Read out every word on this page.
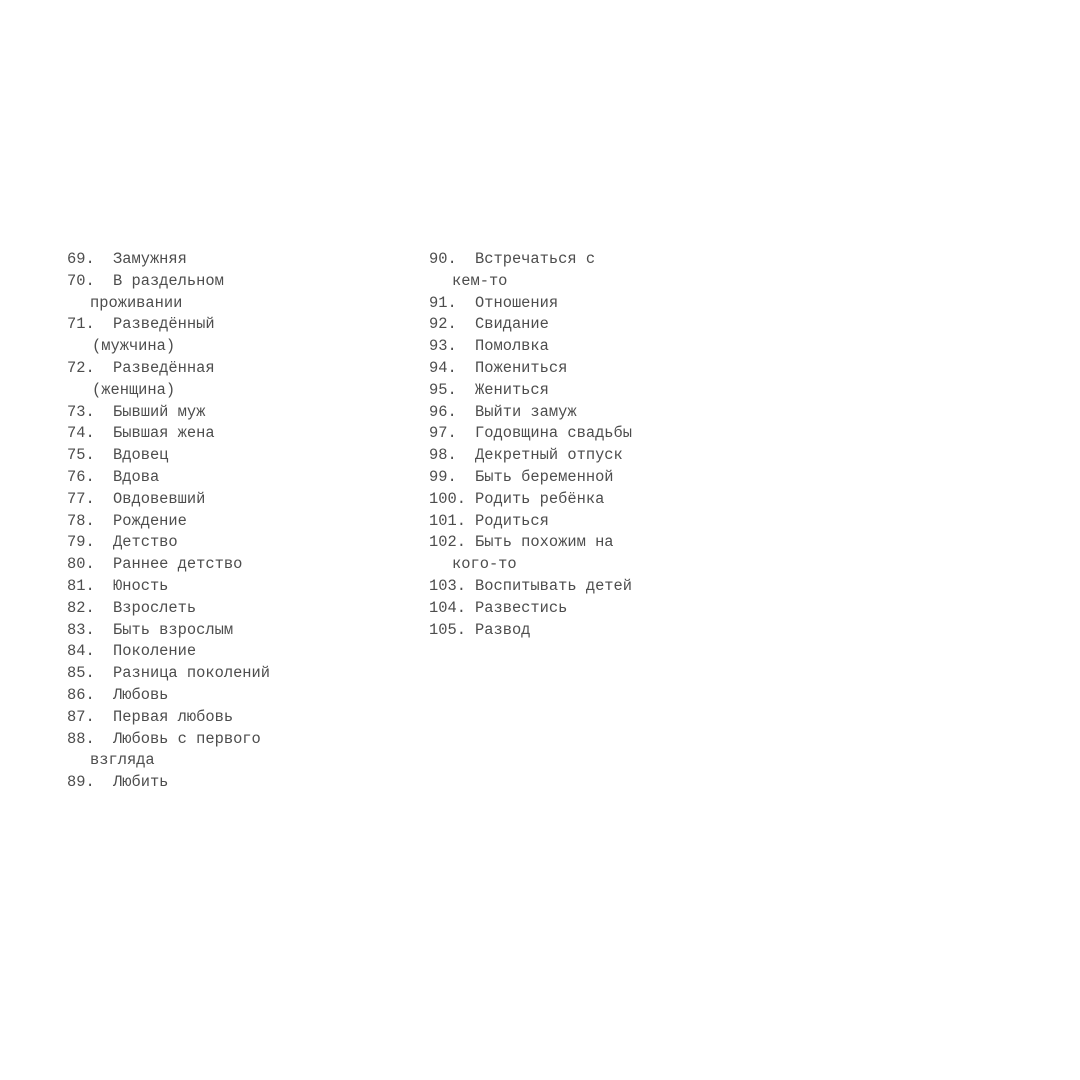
69.	Замужняя
70.	В раздельном
проживании
71.	Разведённый
(мужчина)
72.	Разведённая
(женщина)
73.	Бывший муж
74.	Бывшая жена
75.	Вдовец
76.	Вдова
77.	Овдовевший
78.	Рождение
79.	Детство
80.	Раннее детство
81.	Юность
82.	Взрослеть
83.	Быть взрослым
84.	Поколение
85.	Разница поколений
86.	Любовь
87.	Первая любовь
88.	Любовь с первого
взгляда
89.	Любить
90.	Встречаться с
кем-то
91.	Отношения
92.	Свидание
93.	Помолвка
94.	Пожениться
95.	Жениться
96.	Выйти замуж
97.	Годовщина свадьбы
98.	Декретный отпуск
99.	Быть беременной
100. Родить ребёнка
101. Родиться
102. Быть похожим на
кого-то
103. Воспитывать детей
104. Развестись
105. Развод
